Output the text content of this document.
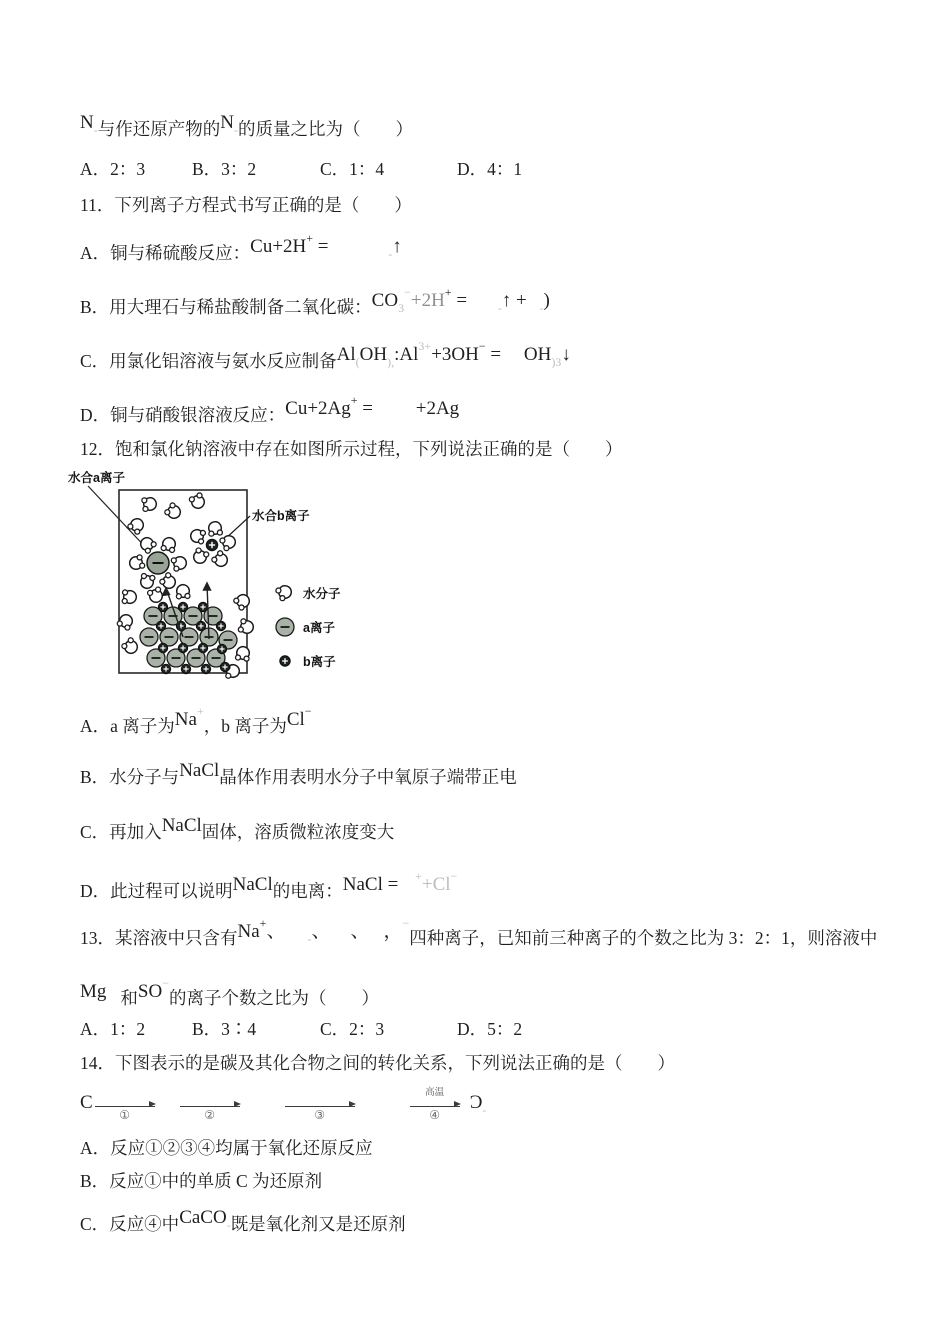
N-与作还原产物的N-的质量之比为（　　）
A．2：3	B．3：2	C．1：4	D．4：1
11．下列离子方程式书写正确的是（　　）
A．铜与稀硫酸反应：Cu+2H+ =	-↑
B．用大理石与稀盐酸制备二氧化碳：CO3−+2H+ = -↑ + -)
C．用氯化铝溶液与氨水反应制备$Al(OH),:Al^{3+}+3OH^-$ = OH)3↓
D．铜与硝酸银溶液反应：Cu+2Ag+ = +2Ag
12．饱和氯化钠溶液中存在如图所示过程，下列说法正确的是（　　）
水合a离子
水合b离子
水分子
a离子
b离子
A．a 离子为Na+，b 离子为Cl−
B．水分子与NaCl晶体作用表明水分子中氧原子端带正电
C．再加入NaCl固体，溶质微粒浓度变大
D．此过程可以说明NaCl的电离：NaCl = ++Cl−
13．某溶液中只含有Na+、 -、 、 ，−四种离子，已知前三种离子的个数之比为 3：2：1，则溶液中
Mg 和SO−的离子个数之比为（　　）
A．1：2	B．3∶4	C．2：3	D．5：2
14．下图表示的是碳及其化合物之间的转化关系，下列说法正确的是（　　）
C
①	②	③	④
高温 Ɔ-
A．反应①②③④均属于氧化还原反应
B．反应①中的单质 C 为还原剂
C．反应④中CaCO-既是氧化剂又是还原剂
